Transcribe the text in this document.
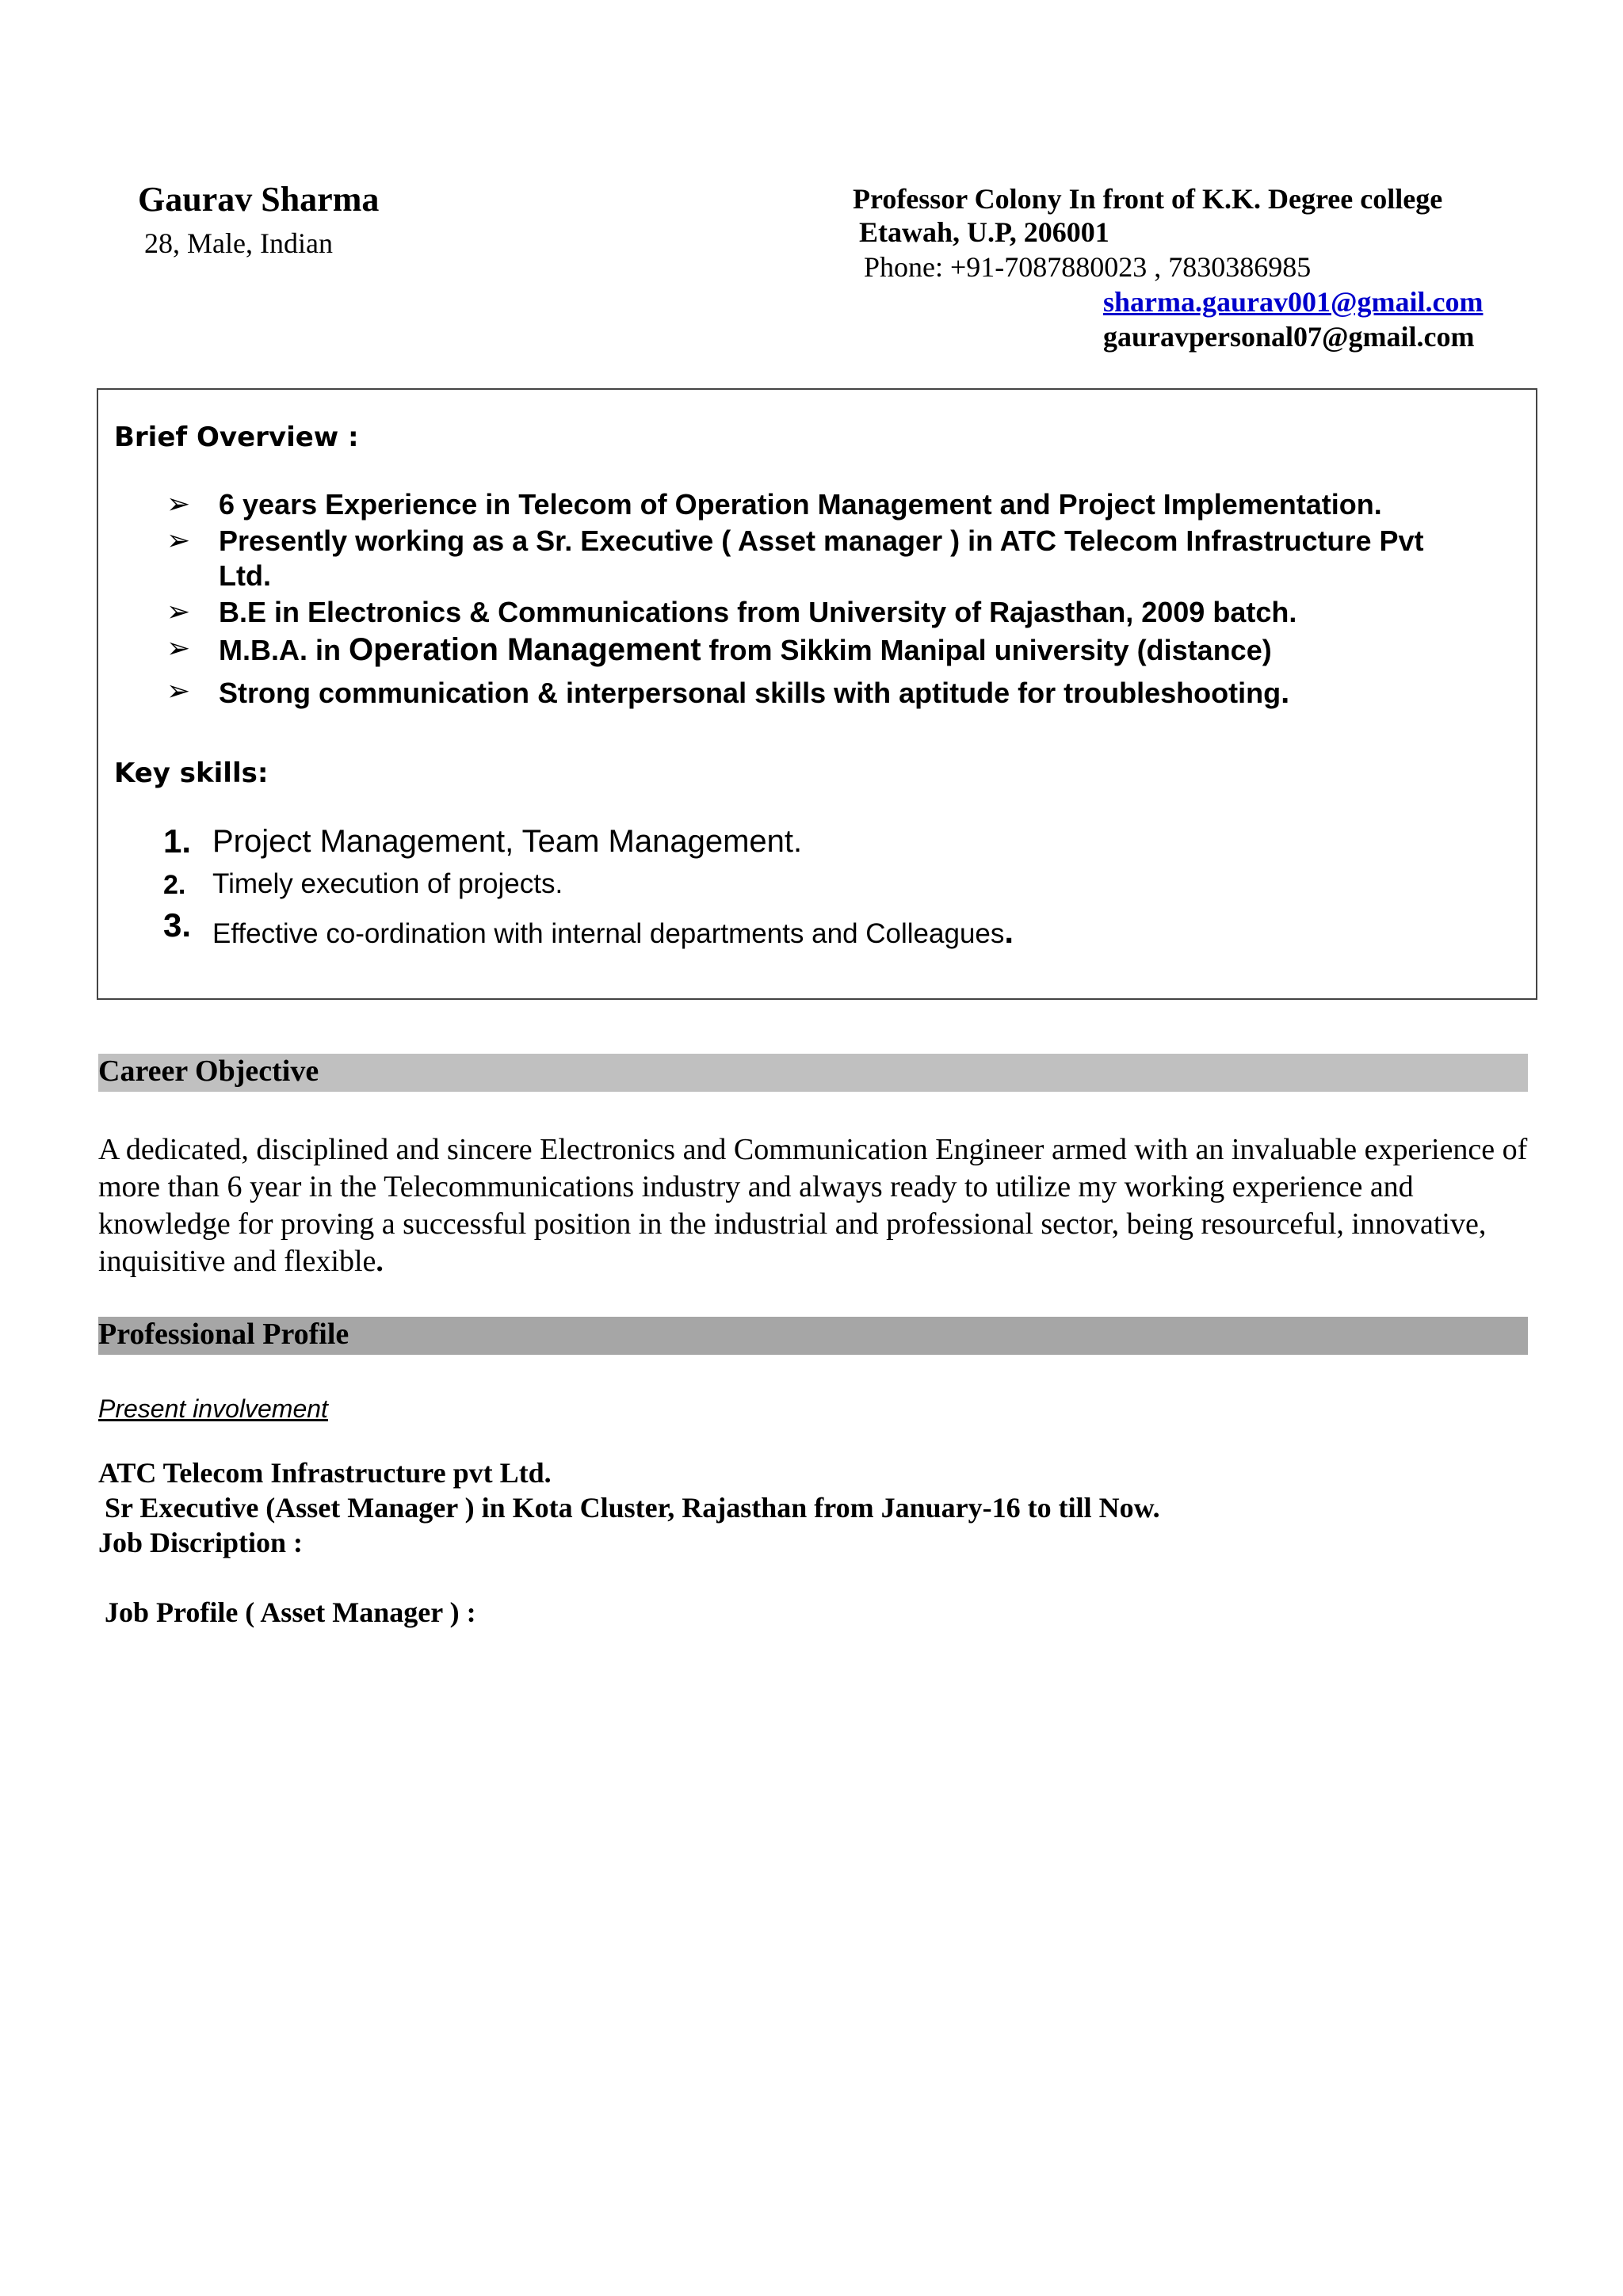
Gaurav Sharma
28, Male, Indian
Professor Colony In front of K.K. Degree college
Etawah, U.P, 206001
Phone: +91-7087880023 , 7830386985
sharma.gaurav001@gmail.com
gauravpersonal07@gmail.com
Brief Overview :
➢ 6 years Experience in Telecom of Operation Management and Project Implementation.
➢ Presently working as a Sr. Executive ( Asset manager ) in ATC Telecom Infrastructure Pvt
Ltd.
➢ B.E in Electronics & Communications from University of Rajasthan, 2009 batch.
➢ M.B.A. in Operation Management from Sikkim Manipal university (distance)
➢ Strong communication & interpersonal skills with aptitude for troubleshooting.
Key skills:
1. Project Management, Team Management.
2. Timely execution of projects.
3. Effective co-ordination with internal departments and Colleagues.
Career Objective
A dedicated, disciplined and sincere Electronics and Communication Engineer armed with an invaluable experience of more than 6 year in the Telecommunications industry and always ready to utilize my working experience and knowledge for proving a successful position in the industrial and professional sector, being resourceful, innovative, inquisitive and flexible.
Professional Profile
Present involvement
ATC Telecom Infrastructure pvt Ltd.
Sr Executive (Asset Manager ) in Kota Cluster, Rajasthan from January-16 to till Now.
Job Discription :
Job Profile ( Asset Manager ) :
